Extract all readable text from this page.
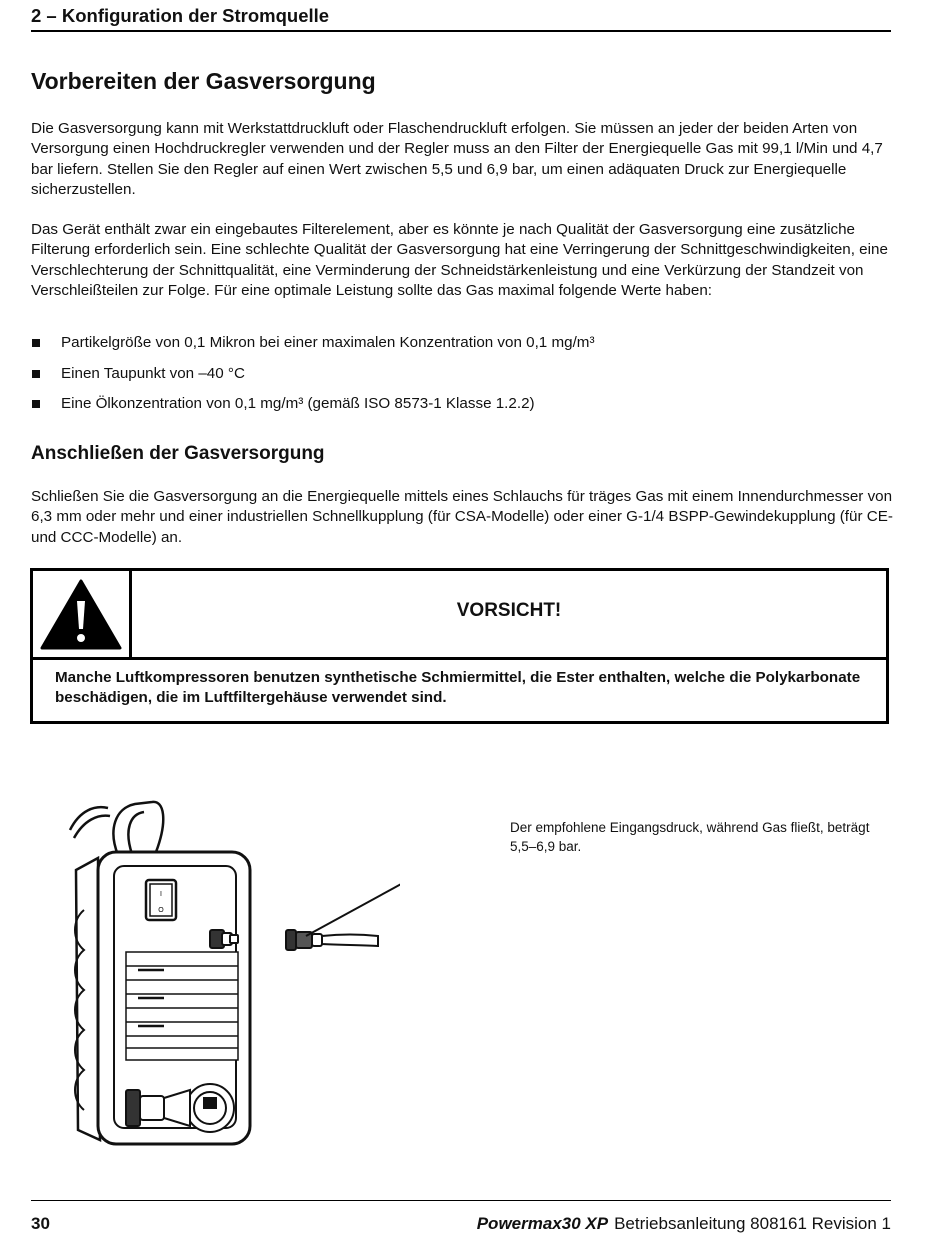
2 – Konfiguration der Stromquelle
Vorbereiten der Gasversorgung

Die Gasversorgung kann mit Werkstattdruckluft oder Flaschendruckluft erfolgen. Sie müssen an jeder der beiden Arten von Versorgung einen Hochdruckregler verwenden und der Regler muss an den Filter der Energiequelle Gas mit 99,1 l/Min und 4,7 bar liefern. Stellen Sie den Regler auf einen Wert zwischen 5,5 und 6,9 bar, um einen adäquaten Druck zur Energiequelle sicherzustellen.

Das Gerät enthält zwar ein eingebautes Filterelement, aber es könnte je nach Qualität der Gasversorgung eine zusätzliche Filterung erforderlich sein. Eine schlechte Qualität der Gasversorgung hat eine Verringerung der Schnittgeschwindigkeiten, eine Verschlechterung der Schnittqualität, eine Verminderung der Schneidstärkenleistung und eine Verkürzung der Standzeit von Verschleißteilen zur Folge. Für eine optimale Leistung sollte das Gas maximal folgende Werte haben:

Partikelgröße von 0,1 Mikron bei einer maximalen Konzentration von 0,1 mg/m³
Einen Taupunkt von –40 °C
Eine Ölkonzentration von 0,1 mg/m³ (gemäß ISO 8573-1 Klasse 1.2.2)
Anschließen der Gasversorgung

Schließen Sie die Gasversorgung an die Energiequelle mittels eines Schlauchs für träges Gas mit einem Innendurchmesser von 6,3 mm oder mehr und einer industriellen Schnellkupplung (für CSA-Modelle) oder einer G-1/4 BSPP-Gewindekupplung (für CE- und CCC-Modelle) an.

VORSICHT!

Manche Luftkompressoren benutzen synthetische Schmiermittel, die Ester enthalten, welche die Polykarbonate beschädigen, die im Luftfiltergehäuse verwendet sind.

I
O

Der empfohlene Eingangsdruck, während Gas fließt, beträgt 5,5–6,9 bar.

30	Powermax30 XP Betriebsanleitung 808161 Revision 1
